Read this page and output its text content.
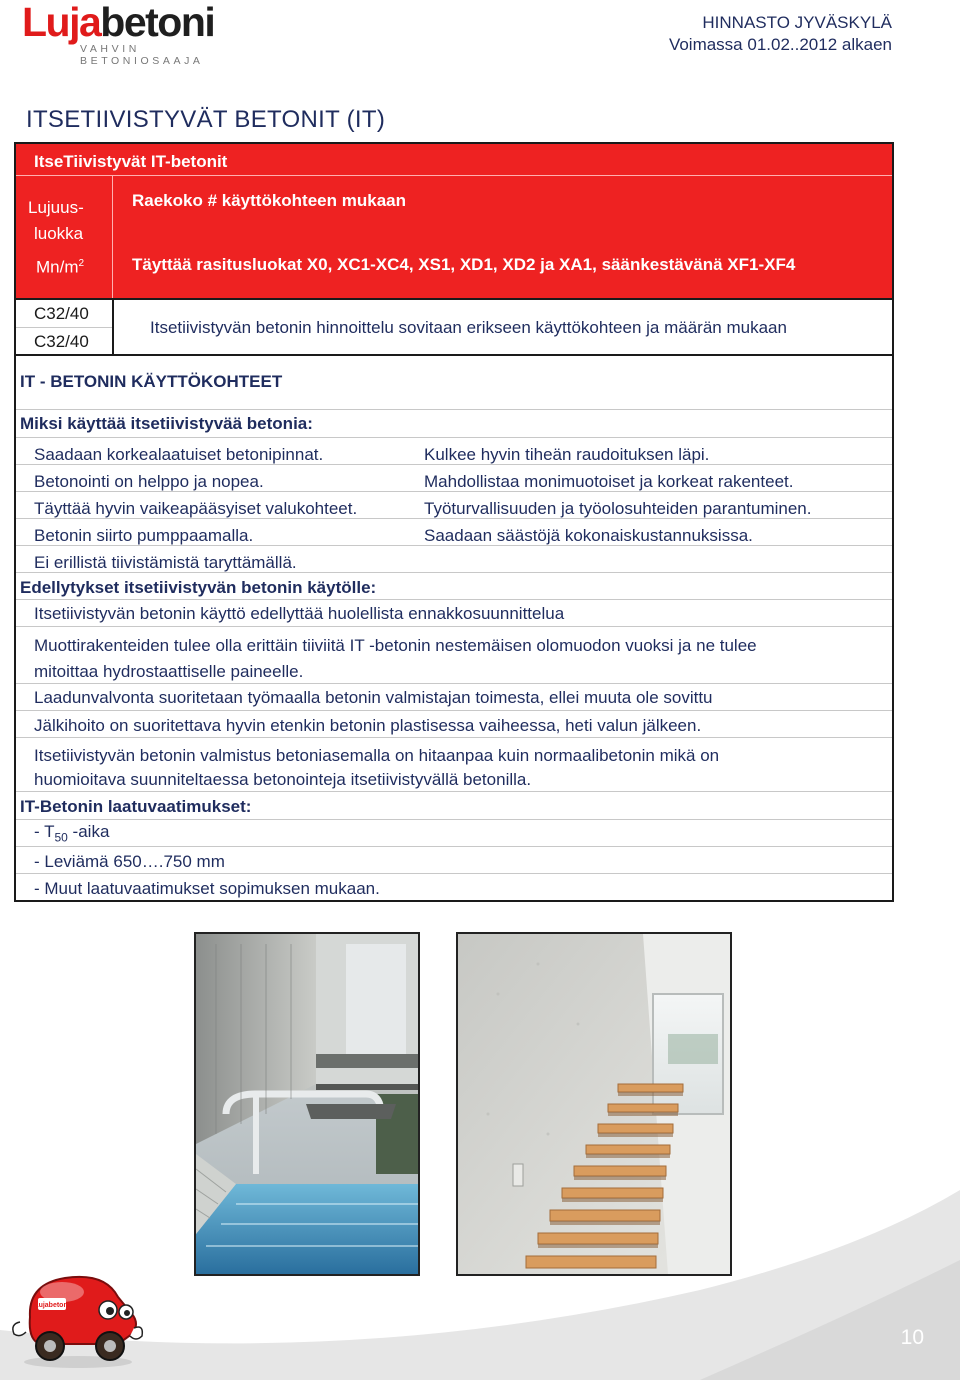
Lujabetoni
VAHVIN BETONIOSAAJA
HINNASTO JYVÄSKYLÄ
Voimassa 01.02..2012 alkaen
ITSETIIVISTYVÄT BETONIT (IT)
ItseTiivistyvät IT-betonit
Lujuus-
luokka
$Mn/m^2$
Raekoko # käyttökohteen mukaan
Täyttää rasitusluokat X0, XC1-XC4, XS1, XD1, XD2 ja XA1, säänkestävänä XF1-XF4
C32/40
C32/40
Itsetiivistyvän betonin hinnoittelu sovitaan erikseen käyttökohteen ja määrän mukaan
IT - BETONIN KÄYTTÖKOHTEET
Miksi käyttää itsetiivistyvää betonia:
Saadaan korkealaatuiset betonipinnat.
Betonointi on helppo ja nopea.
Täyttää hyvin vaikeapääsyiset valukohteet.
Betonin siirto pumppaamalla.
Ei erillistä tiivistämistä taryttämällä.
Kulkee hyvin tiheän raudoituksen läpi.
Mahdollistaa monimuotoiset ja korkeat rakenteet.
Työturvallisuuden ja työolosuhteiden parantuminen.
Saadaan säästöjä kokonaiskustannuksissa.
Edellytykset itsetiivistyvän betonin käytölle:
Itsetiivistyvän betonin käyttö edellyttää huolellista ennakkosuunnittelua
Muottirakenteiden tulee olla erittäin tiiviitä IT -betonin nestemäisen olomuodon vuoksi ja ne tulee
mitoittaa hydrostaattiselle paineelle.
Laadunvalvonta suoritetaan työmaalla betonin valmistajan toimesta, ellei muuta ole sovittu
Jälkihoito on suoritettava hyvin etenkin betonin plastisessa vaiheessa, heti valun jälkeen.
Itsetiivistyvän betonin valmistus betoniasemalla on hitaanpaa kuin normaalibetonin mikä on
huomioitava suunniteltaessa betonointeja itsetiivistyvällä betonilla.
IT-Betonin laatuvaatimukset:
- $T_{50}$ -aika
- Leviämä 650….750 mm
- Muut laatuvaatimukset sopimuksen mukaan.
Lujabetoni
10
